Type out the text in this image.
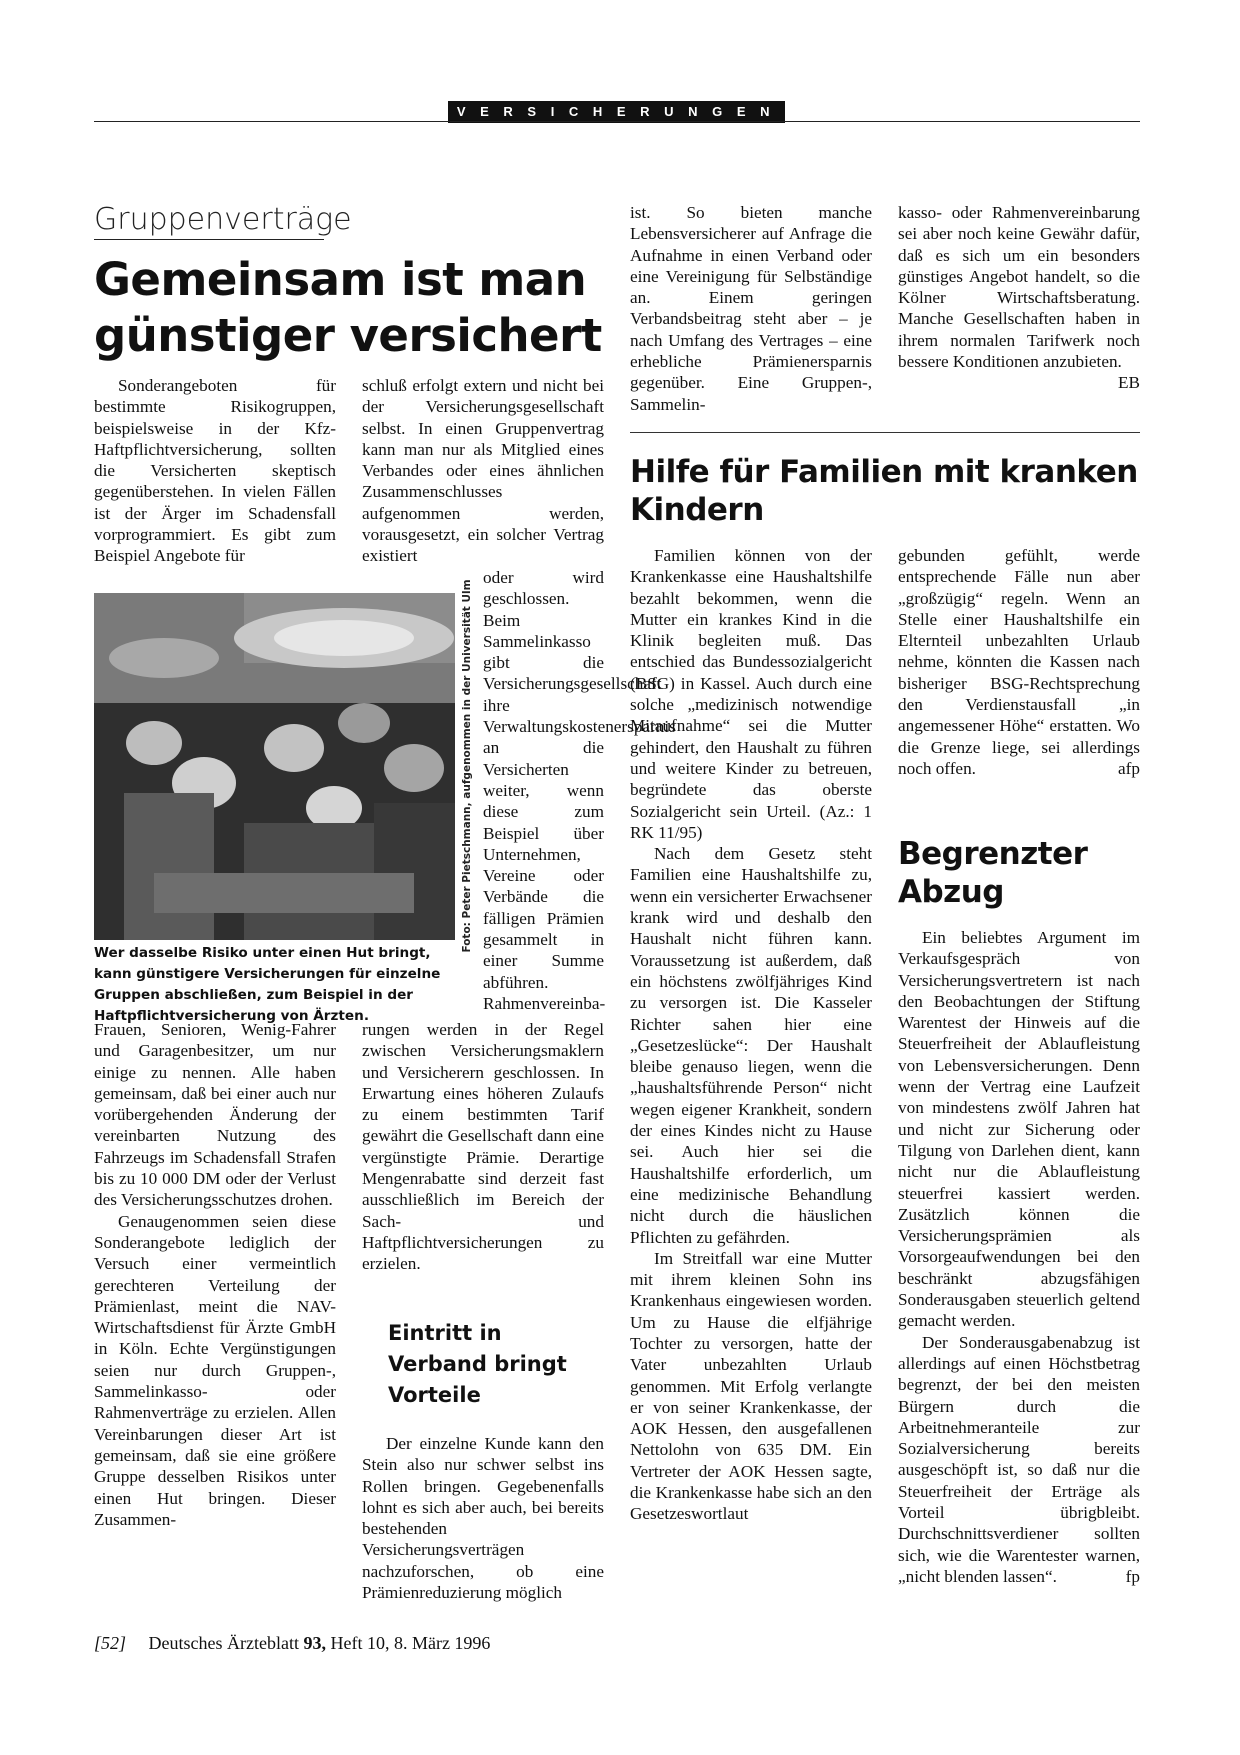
VERSICHERUNGEN
Gruppenverträge
Gemeinsam ist man günstiger versichert

Sonderangeboten für bestimmte Risikogruppen, beispielsweise in der Kfz-Haftpflichtversicherung, sollten die Versicherten skeptisch gegenüberstehen. In vielen Fällen ist der Ärger im Schadensfall vorprogrammiert. Es gibt zum Beispiel Angebote für

schluß erfolgt extern und nicht bei der Versicherungsgesellschaft selbst. In einen Gruppenvertrag kann man nur als Mitglied eines Verbandes oder eines ähnlichen Zusammenschlusses aufgenommen werden, vorausgesetzt, ein solcher Vertrag existiert

Foto: Peter Pietschmann, aufgenommen in der Universität Ulm
Wer dasselbe Risiko unter einen Hut bringt, kann günstigere Versicherungen für einzelne Gruppen abschließen, zum Beispiel in der Haftpflichtversicherung von Ärzten.

oder wird geschlossen. Beim Sammelinkasso gibt die Versicherungsgesellschaft ihre Verwaltungskostenersparnis an die Versicherten weiter, wenn diese zum Beispiel über Unternehmen, Vereine oder Verbände die fälligen Prämien gesammelt in einer Summe abführen. Rahmenvereinba-

Frauen, Senioren, Wenig-Fahrer und Garagenbesitzer, um nur einige zu nennen. Alle haben gemeinsam, daß bei einer auch nur vorübergehenden Änderung der vereinbarten Nutzung des Fahrzeugs im Schadensfall Strafen bis zu 10 000 DM oder der Verlust des Versicherungsschutzes drohen.

Genaugenommen seien diese Sonderangebote lediglich der Versuch einer vermeintlich gerechteren Verteilung der Prämienlast, meint die NAV-Wirtschaftsdienst für Ärzte GmbH in Köln. Echte Vergünstigungen seien nur durch Gruppen-, Sammelinkasso- oder Rahmenverträge zu erzielen. Allen Vereinbarungen dieser Art ist gemeinsam, daß sie eine größere Gruppe desselben Risikos unter einen Hut bringen. Dieser Zusammen-

rungen werden in der Regel zwischen Versicherungsmaklern und Versicherern geschlossen. In Erwartung eines höheren Zulaufs zu einem bestimmten Tarif gewährt die Gesellschaft dann eine vergünstigte Prämie. Derartige Mengenrabatte sind derzeit fast ausschließlich im Bereich der Sach- und Haftpflichtversicherungen zu erzielen.

Eintritt in Verband bringt Vorteile

Der einzelne Kunde kann den Stein also nur schwer selbst ins Rollen bringen. Gegebenenfalls lohnt es sich aber auch, bei bereits bestehenden Versicherungsverträgen nachzuforschen, ob eine Prämienreduzierung möglich

ist. So bieten manche Lebensversicherer auf Anfrage die Aufnahme in einen Verband oder eine Vereinigung für Selbständige an. Einem geringen Verbandsbeitrag steht aber – je nach Umfang des Vertrages – eine erhebliche Prämienersparnis gegenüber. Eine Gruppen-, Sammelin-

kasso- oder Rahmenvereinbarung sei aber noch keine Gewähr dafür, daß es sich um ein besonders günstiges Angebot handelt, so die Kölner Wirtschaftsberatung. Manche Gesellschaften haben in ihrem normalen Tarifwerk noch bessere Konditionen anzubieten.
EB

Hilfe für Familien mit kranken Kindern

Familien können von der Krankenkasse eine Haushaltshilfe bezahlt bekommen, wenn die Mutter ein krankes Kind in die Klinik begleiten muß. Das entschied das Bundessozialgericht (BSG) in Kassel. Auch durch eine solche „medizinisch notwendige Mitaufnahme“ sei die Mutter gehindert, den Haushalt zu führen und weitere Kinder zu betreuen, begründete das oberste Sozialgericht sein Urteil. (Az.: 1 RK 11/95)

Nach dem Gesetz steht Familien eine Haushaltshilfe zu, wenn ein versicherter Erwachsener krank wird und deshalb den Haushalt nicht führen kann. Voraussetzung ist außerdem, daß ein höchstens zwölfjähriges Kind zu versorgen ist. Die Kasseler Richter sahen hier eine „Gesetzeslücke“: Der Haushalt bleibe genauso liegen, wenn die „haushaltsführende Person“ nicht wegen eigener Krankheit, sondern der eines Kindes nicht zu Hause sei. Auch hier sei die Haushaltshilfe erforderlich, um eine medizinische Behandlung nicht durch die häuslichen Pflichten zu gefährden.

Im Streitfall war eine Mutter mit ihrem kleinen Sohn ins Krankenhaus eingewiesen worden. Um zu Hause die elfjährige Tochter zu versorgen, hatte der Vater unbezahlten Urlaub genommen. Mit Erfolg verlangte er von seiner Krankenkasse, der AOK Hessen, den ausgefallenen Nettolohn von 635 DM. Ein Vertreter der AOK Hessen sagte, die Krankenkasse habe sich an den Gesetzeswortlaut

gebunden gefühlt, werde entsprechende Fälle nun aber „großzügig“ regeln. Wenn an Stelle einer Haushaltshilfe ein Elternteil unbezahlten Urlaub nehme, könnten die Kassen nach bisheriger BSG-Rechtsprechung den Verdienstausfall „in angemessener Höhe“ erstatten. Wo die Grenze liege, sei allerdings noch offen.	afp

Begrenzter Abzug

Ein beliebtes Argument im Verkaufsgespräch von Versicherungsvertretern ist nach den Beobachtungen der Stiftung Warentest der Hinweis auf die Steuerfreiheit der Ablaufleistung von Lebensversicherungen. Denn wenn der Vertrag eine Laufzeit von mindestens zwölf Jahren hat und nicht zur Sicherung oder Tilgung von Darlehen dient, kann nicht nur die Ablaufleistung steuerfrei kassiert werden. Zusätzlich können die Versicherungsprämien als Vorsorgeaufwendungen bei den beschränkt abzugsfähigen Sonderausgaben steuerlich geltend gemacht werden.

Der Sonderausgabenabzug ist allerdings auf einen Höchstbetrag begrenzt, der bei den meisten Bürgern durch die Arbeitnehmeranteile zur Sozialversicherung bereits ausgeschöpft ist, so daß nur die Steuerfreiheit der Erträge als Vorteil übrigbleibt. Durchschnittsverdiener sollten sich, wie die Warentester warnen, „nicht blenden lassen“.	fp

[52] Deutsches Ärzteblatt 93, Heft 10, 8. März 1996
